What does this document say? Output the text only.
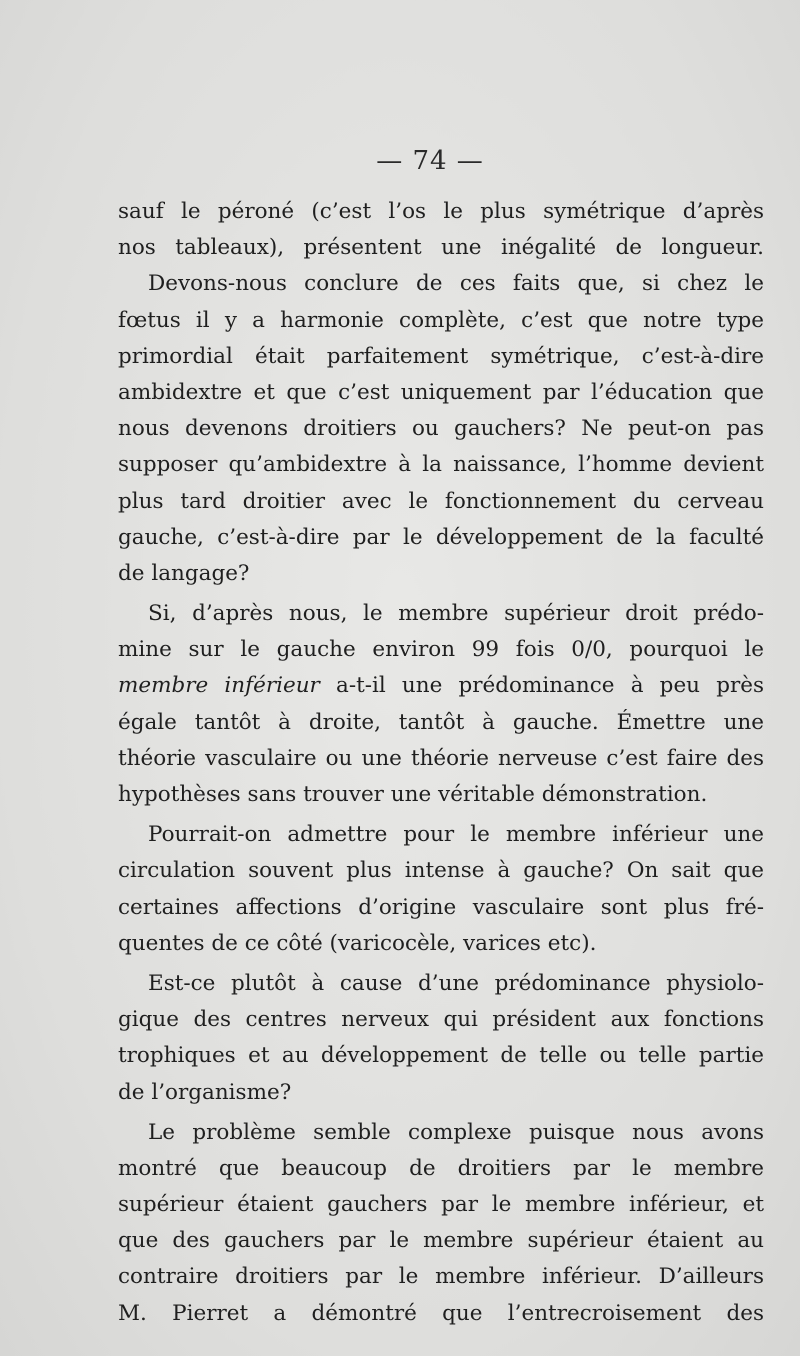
— 74 —
sauf le péroné (c’est l’os le plus symétrique d’après
nos tableaux), présentent une inégalité de longueur.
Devons-nous conclure de ces faits que, si chez le
fœtus il y a harmonie complète, c’est que notre type
primordial était parfaitement symétrique, c’est-à-dire
ambidextre et que c’est uniquement par l’éducation que
nous devenons droitiers ou gauchers? Ne peut-on pas
supposer qu’ambidextre à la naissance, l’homme devient
plus tard droitier avec le fonctionnement du cerveau
gauche, c’est-à-dire par le développement de la faculté
de langage?
Si, d’après nous, le membre supérieur droit prédo-
mine sur le gauche environ 99 fois 0/0, pourquoi le
membre inférieur a-t-il une prédominance à peu près
égale tantôt à droite, tantôt à gauche. Émettre une
théorie vasculaire ou une théorie nerveuse c’est faire des
hypothèses sans trouver une véritable démonstration.
Pourrait-on admettre pour le membre inférieur une
circulation souvent plus intense à gauche? On sait que
certaines affections d’origine vasculaire sont plus fré-
quentes de ce côté (varicocèle, varices etc).
Est-ce plutôt à cause d’une prédominance physiolo-
gique des centres nerveux qui président aux fonctions
trophiques et au développement de telle ou telle partie
de l’organisme?
Le problème semble complexe puisque nous avons
montré que beaucoup de droitiers par le membre
supérieur étaient gauchers par le membre inférieur, et
que des gauchers par le membre supérieur étaient au
contraire droitiers par le membre inférieur. D’ailleurs
M. Pierret a démontré que l’entrecroisement des
